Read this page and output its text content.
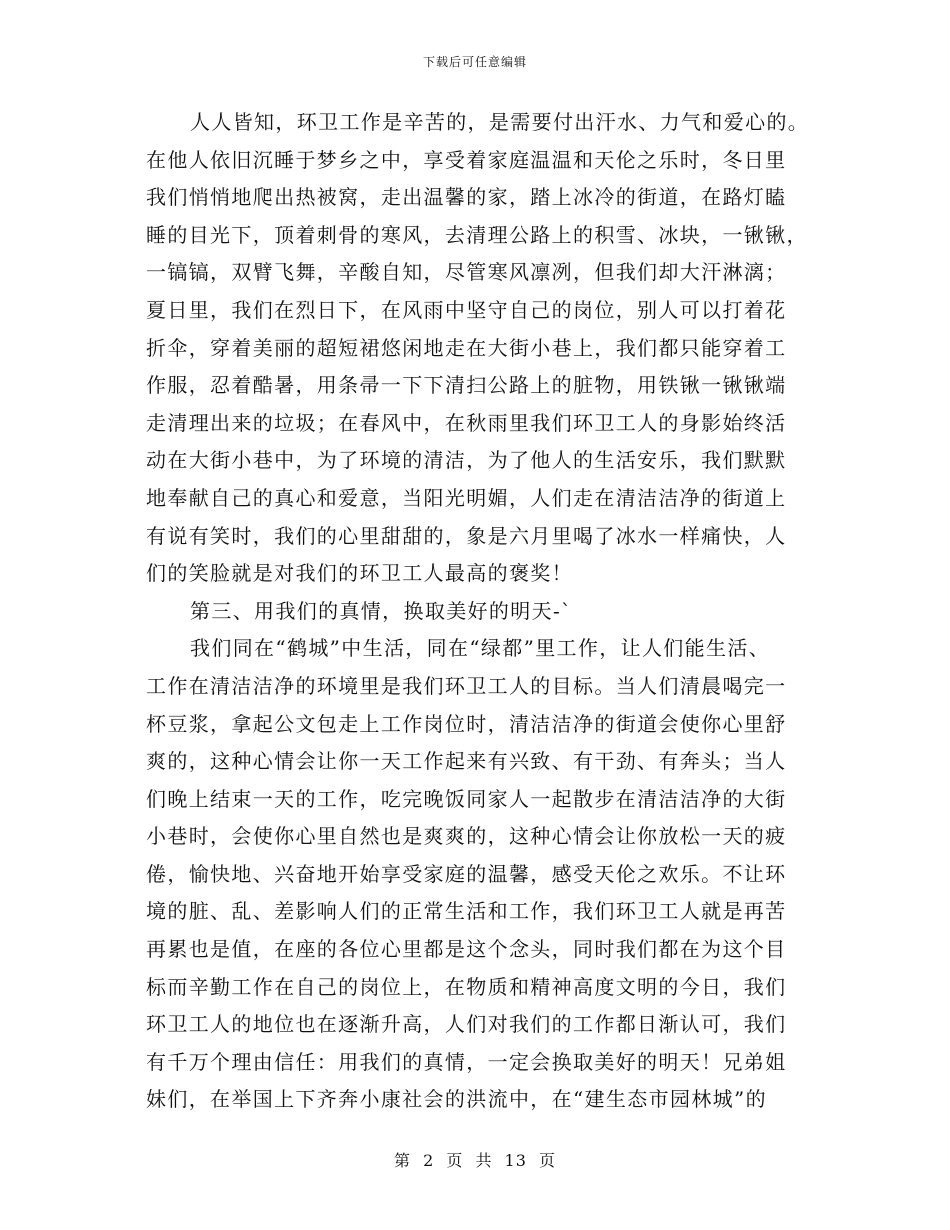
下载后可任意编辑
人人皆知，环卫工作是辛苦的，是需要付出汗水、力气和爱心的。
在他人依旧沉睡于梦乡之中，享受着家庭温温和天伦之乐时，冬日里
我们悄悄地爬出热被窝，走出温馨的家，踏上冰冷的街道，在路灯瞌
睡的目光下，顶着刺骨的寒风，去清理公路上的积雪、冰块，一锹锹，
一镐镐，双臂飞舞，辛酸自知，尽管寒风凛冽，但我们却大汗淋漓；
夏日里，我们在烈日下，在风雨中坚守自己的岗位，别人可以打着花
折伞，穿着美丽的超短裙悠闲地走在大街小巷上，我们都只能穿着工
作服，忍着酷暑，用条帚一下下清扫公路上的脏物，用铁锹一锹锹端
走清理出来的垃圾；在春风中，在秋雨里我们环卫工人的身影始终活
动在大街小巷中，为了环境的清洁，为了他人的生活安乐，我们默默
地奉献自己的真心和爱意，当阳光明媚，人们走在清洁洁净的街道上
有说有笑时，我们的心里甜甜的，象是六月里喝了冰水一样痛快，人
们的笑脸就是对我们的环卫工人最高的褒奖！
第三、用我们的真情，换取美好的明天-`
我们同在“鹤城”中生活，同在“绿都”里工作，让人们能生活、
工作在清洁洁净的环境里是我们环卫工人的目标。当人们清晨喝完一
杯豆浆，拿起公文包走上工作岗位时，清洁洁净的街道会使你心里舒
爽的，这种心情会让你一天工作起来有兴致、有干劲、有奔头；当人
们晚上结束一天的工作，吃完晚饭同家人一起散步在清洁洁净的大街
小巷时，会使你心里自然也是爽爽的，这种心情会让你放松一天的疲
倦，愉快地、兴奋地开始享受家庭的温馨，感受天伦之欢乐。不让环
境的脏、乱、差影响人们的正常生活和工作，我们环卫工人就是再苦
再累也是值，在座的各位心里都是这个念头，同时我们都在为这个目
标而辛勤工作在自己的岗位上，在物质和精神高度文明的今日，我们
环卫工人的地位也在逐渐升高，人们对我们的工作都日渐认可，我们
有千万个理由信任：用我们的真情，一定会换取美好的明天！兄弟姐
妹们，在举国上下齐奔小康社会的洪流中，在“建生态市园林城”的
第 2 页 共 13 页
